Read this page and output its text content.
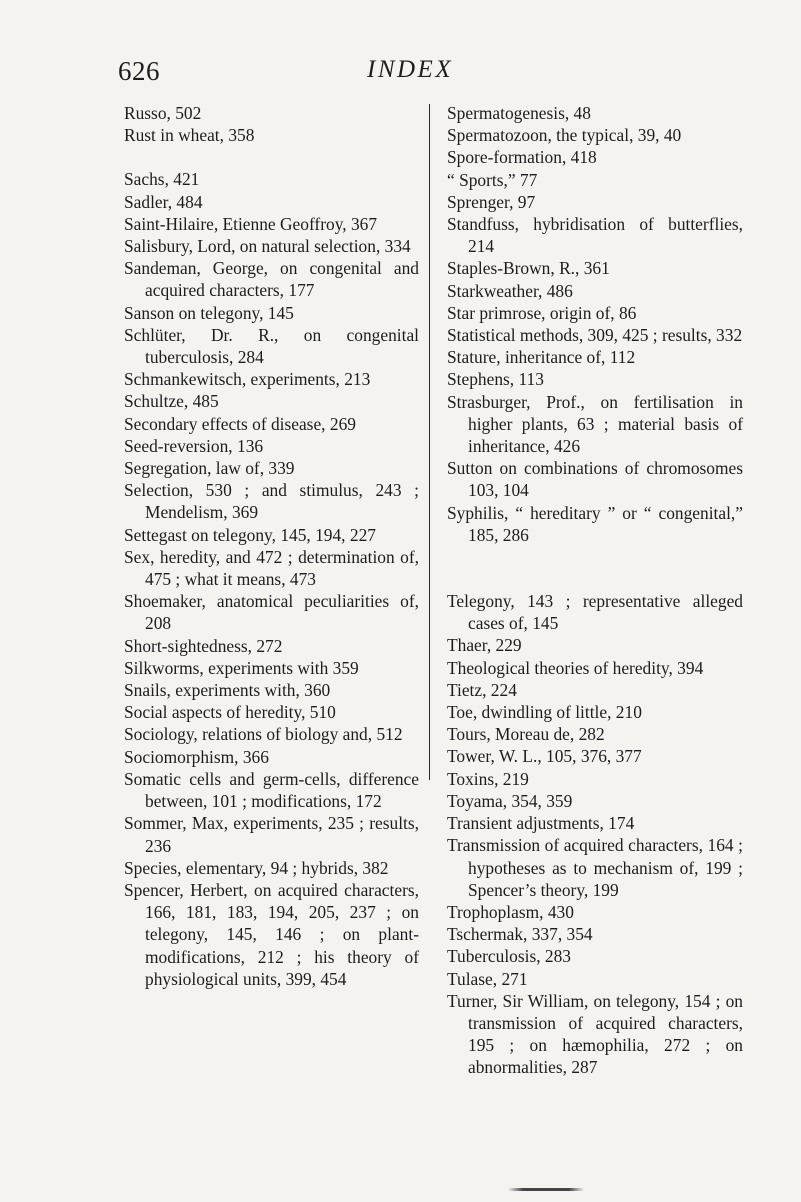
626	INDEX

Russo, 502

Rust in wheat, 358

Sachs, 421

Sadler, 484

Saint-Hilaire, Etienne Geoffroy, 367

Salisbury, Lord, on natural selection, 334

Sandeman, George, on congenital and acquired characters, 177

Sanson on telegony, 145

Schlüter, Dr. R., on congenital tuberculosis, 284

Schmankewitsch, experiments, 213

Schultze, 485

Secondary effects of disease, 269

Seed-reversion, 136

Segregation, law of, 339

Selection, 530 ; and stimulus, 243 ; Mendelism, 369

Settegast on telegony, 145, 194, 227

Sex, heredity, and 472 ; determination of, 475 ; what it means, 473

Shoemaker, anatomical peculiarities of, 208

Short-sightedness, 272

Silkworms, experiments with 359

Snails, experiments with, 360

Social aspects of heredity, 510

Sociology, relations of biology and, 512

Sociomorphism, 366

Somatic cells and germ-cells, difference between, 101 ; modifications, 172

Sommer, Max, experiments, 235 ; results, 236

Species, elementary, 94 ; hybrids, 382

Spencer, Herbert, on acquired characters, 166, 181, 183, 194, 205, 237 ; on telegony, 145, 146 ; on plant-modifications, 212 ; his theory of physiological units, 399, 454

Spermatogenesis, 48

Spermatozoon, the typical, 39, 40

Spore-formation, 418

“ Sports,” 77

Sprenger, 97

Standfuss, hybridisation of butterflies, 214

Staples-Brown, R., 361

Starkweather, 486

Star primrose, origin of, 86

Statistical methods, 309, 425 ; results, 332

Stature, inheritance of, 112

Stephens, 113

Strasburger, Prof., on fertilisation in higher plants, 63 ; material basis of inheritance, 426

Sutton on combinations of chromosomes 103, 104

Syphilis, “ hereditary ” or “ congenital,” 185, 286

Telegony, 143 ; representative alleged cases of, 145

Thaer, 229

Theological theories of heredity, 394

Tietz, 224

Toe, dwindling of little, 210

Tours, Moreau de, 282

Tower, W. L., 105, 376, 377

Toxins, 219

Toyama, 354, 359

Transient adjustments, 174

Transmission of acquired characters, 164 ; hypotheses as to mechanism of, 199 ; Spencer’s theory, 199

Trophoplasm, 430

Tschermak, 337, 354

Tuberculosis, 283

Tulase, 271

Turner, Sir William, on telegony, 154 ; on transmission of acquired characters, 195 ; on hæmophilia, 272 ; on abnormalities, 287
